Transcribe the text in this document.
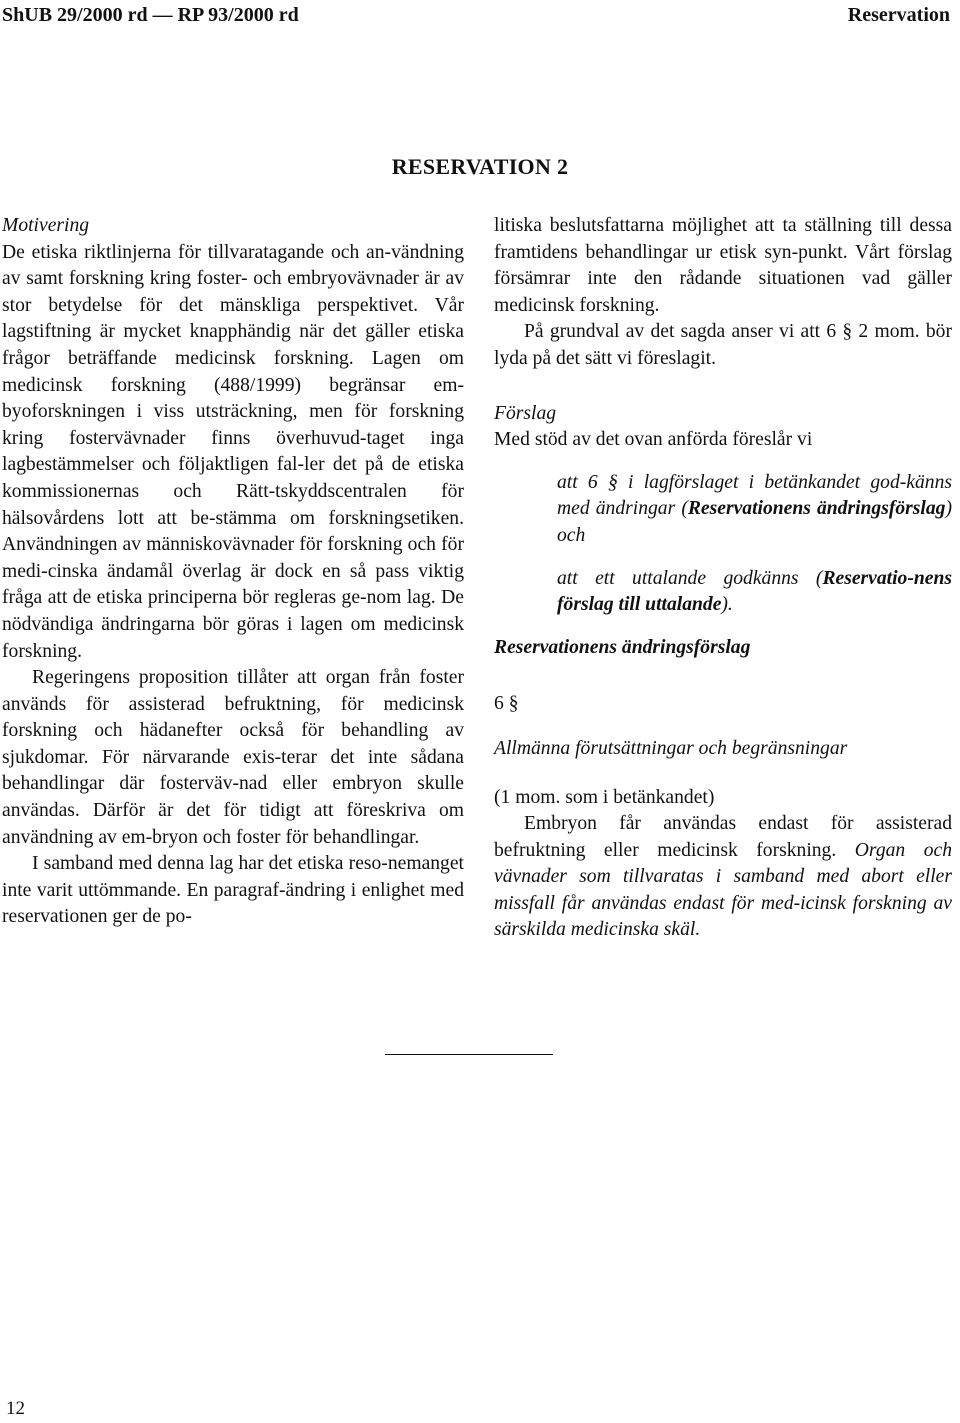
ShUB 29/2000 rd — RP 93/2000 rd	Reservation
RESERVATION 2

Motivering

De etiska riktlinjerna för tillvaratagande och an-vändning av samt forskning kring foster- och embryovävnader är av stor betydelse för det mänskliga perspektivet. Vår lagstiftning är mycket knapphändig när det gäller etiska frågor beträffande medicinsk forskning. Lagen om medicinsk forskning (488/1999) begränsar em-byoforskningen i viss utsträckning, men för forskning kring fostervävnader finns överhuvud-taget inga lagbestämmelser och följaktligen fal-ler det på de etiska kommissionernas och Rätt-tskyddscentralen för hälsovårdens lott att be-stämma om forskningsetiken. Användningen av människovävnader för forskning och för medi-cinska ändamål överlag är dock en så pass viktig fråga att de etiska principerna bör regleras ge-nom lag. De nödvändiga ändringarna bör göras i lagen om medicinsk forskning.

Regeringens proposition tillåter att organ från foster används för assisterad befruktning, för medicinsk forskning och hädanefter också för behandling av sjukdomar. För närvarande exis-terar det inte sådana behandlingar där fosterväv-nad eller embryon skulle användas. Därför är det för tidigt att föreskriva om användning av em-bryon och foster för behandlingar.

I samband med denna lag har det etiska reso-nemanget inte varit uttömmande. En paragraf-ändring i enlighet med reservationen ger de po-

litiska beslutsfattarna möjlighet att ta ställning till dessa framtidens behandlingar ur etisk syn-punkt. Vårt förslag försämrar inte den rådande situationen vad gäller medicinsk forskning.

På grundval av det sagda anser vi att 6 § 2 mom. bör lyda på det sätt vi föreslagit.

Förslag

Med stöd av det ovan anförda föreslår vi

att 6 § i lagförslaget i betänkandet god-känns med ändringar (Reservationens ändringsförslag) och

att ett uttalande godkänns (Reservatio-nens förslag till uttalande).

Reservationens ändringsförslag

6 §

Allmänna förutsättningar och begränsningar

(1 mom. som i betänkandet)

Embryon får användas endast för assisterad befruktning eller medicinsk forskning. Organ och vävnader som tillvaratas i samband med abort eller missfall får användas endast för med-icinsk forskning av särskilda medicinska skäl.

12
